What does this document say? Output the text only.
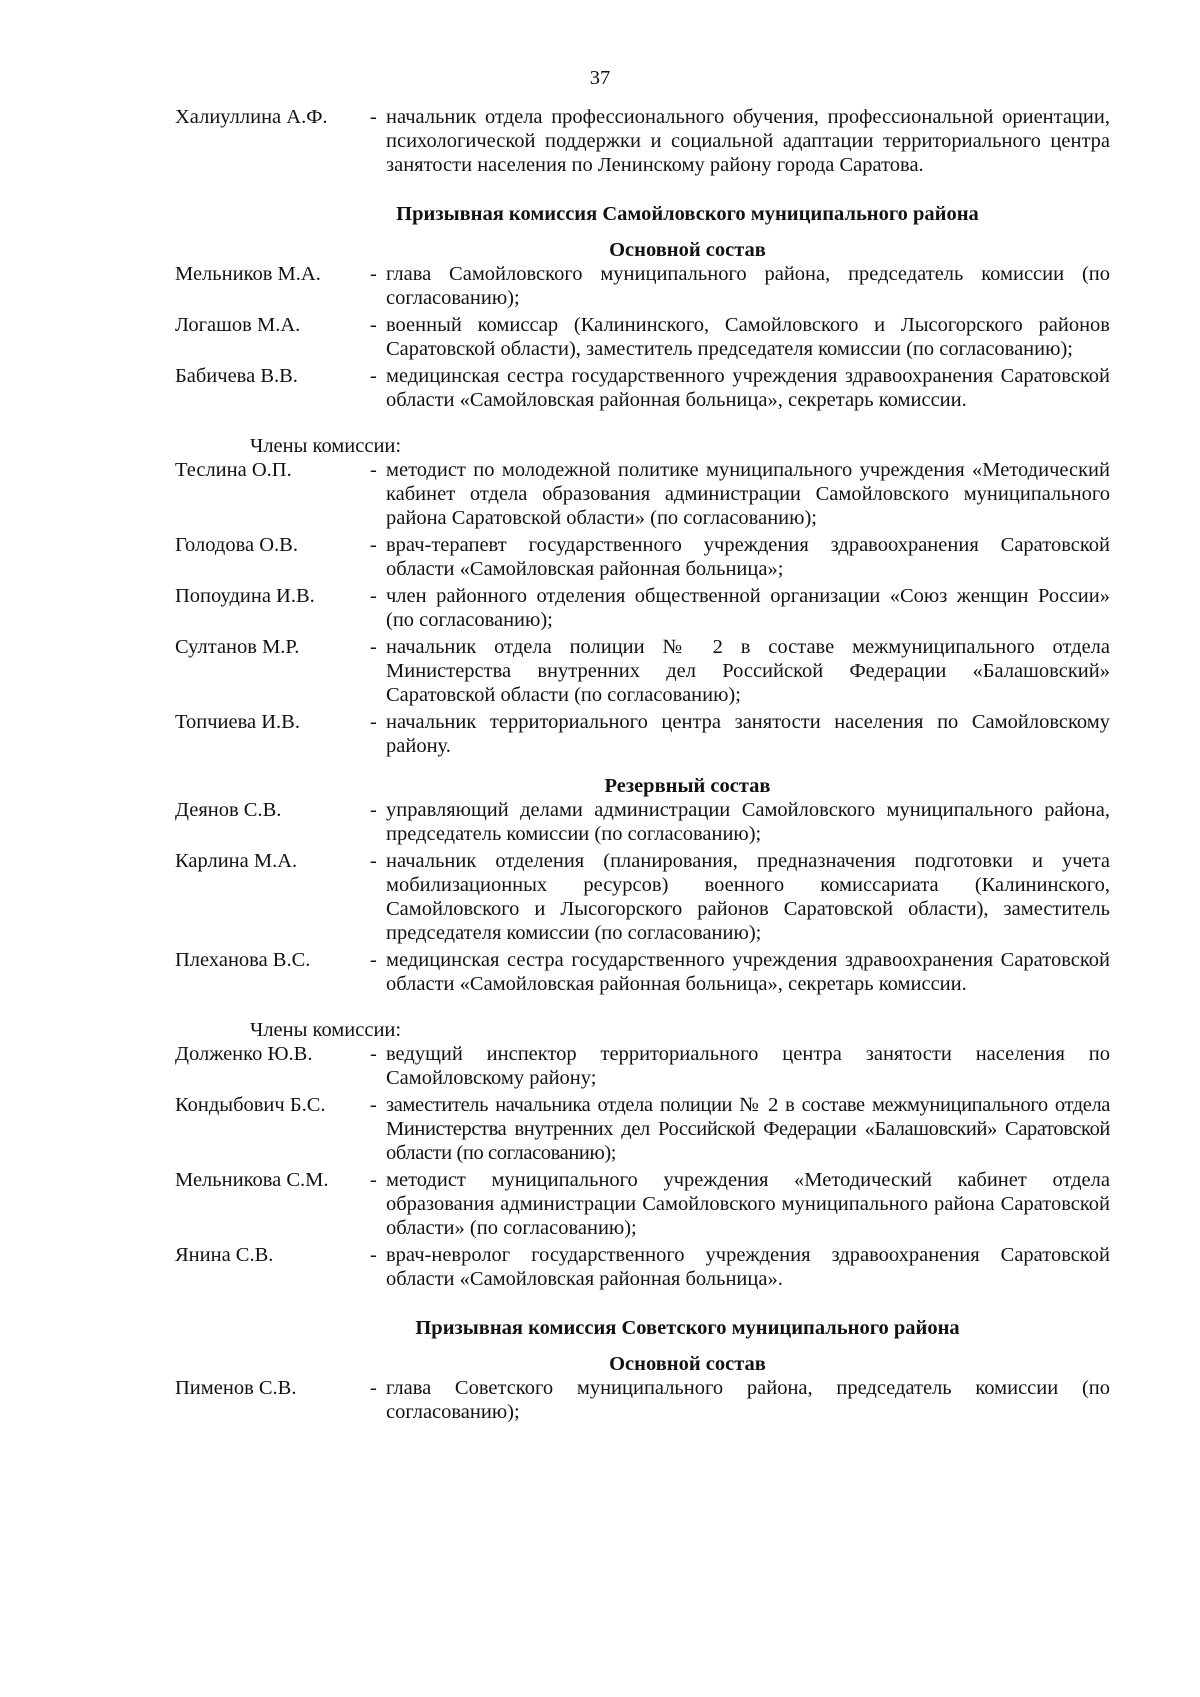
37
Халиуллина А.Ф.	- начальник отдела профессионального обучения, профессиональной ориентации, психологической поддержки и социальной адаптации территориального центра занятости населения по Ленинскому району города Саратова.
Призывная комиссия Самойловского муниципального района
Основной состав
Мельников М.А.	- глава Самойловского муниципального района, председатель комиссии (по согласованию);
Логашов М.А.	- военный комиссар (Калининского, Самойловского и Лысогорского районов Саратовской области), заместитель председателя комиссии (по согласованию);
Бабичева В.В.	- медицинская сестра государственного учреждения здравоохранения Саратовской области «Самойловская районная больница», секретарь комиссии.
Члены комиссии:
Теслина О.П.	- методист по молодежной политике муниципального учреждения «Методический кабинет отдела образования администрации Самойловского муниципального района Саратовской области» (по согласованию);
Голодова О.В.	- врач-терапевт государственного учреждения здравоохранения Саратовской области «Самойловская районная больница»;
Попоудина И.В.	- член районного отделения общественной организации «Союз женщин России» (по согласованию);
Султанов М.Р.	- начальник отдела полиции № 2 в составе межмуниципального отдела Министерства внутренних дел Российской Федерации «Балашовский» Саратовской области (по согласованию);
Топчиева И.В.	- начальник территориального центра занятости населения по Самойловскому району.
Резервный состав
Деянов С.В.	- управляющий делами администрации Самойловского муниципального района, председатель комиссии (по согласованию);
Карлина М.А.	- начальник отделения (планирования, предназначения подготовки и учета мобилизационных ресурсов) военного комиссариата (Калининского, Самойловского и Лысогорского районов Саратовской области), заместитель председателя комиссии (по согласованию);
Плеханова В.С.	- медицинская сестра государственного учреждения здравоохранения Саратовской области «Самойловская районная больница», секретарь комиссии.
Члены комиссии:
Долженко Ю.В.	- ведущий инспектор территориального центра занятости населения по Самойловскому району;
Кондыбович Б.С.	- заместитель начальника отдела полиции № 2 в составе межмуниципального отдела Министерства внутренних дел Российской Федерации «Балашовский» Саратовской области (по согласованию);
Мельникова С.М.	- методист муниципального учреждения «Методический кабинет отдела образования администрации Самойловского муниципального района Саратовской области» (по согласованию);
Янина С.В.	- врач-невролог государственного учреждения здравоохранения Саратовской области «Самойловская районная больница».
Призывная комиссия Советского муниципального района
Основной состав
Пименов С.В.	- глава Советского муниципального района, председатель комиссии (по согласованию);
